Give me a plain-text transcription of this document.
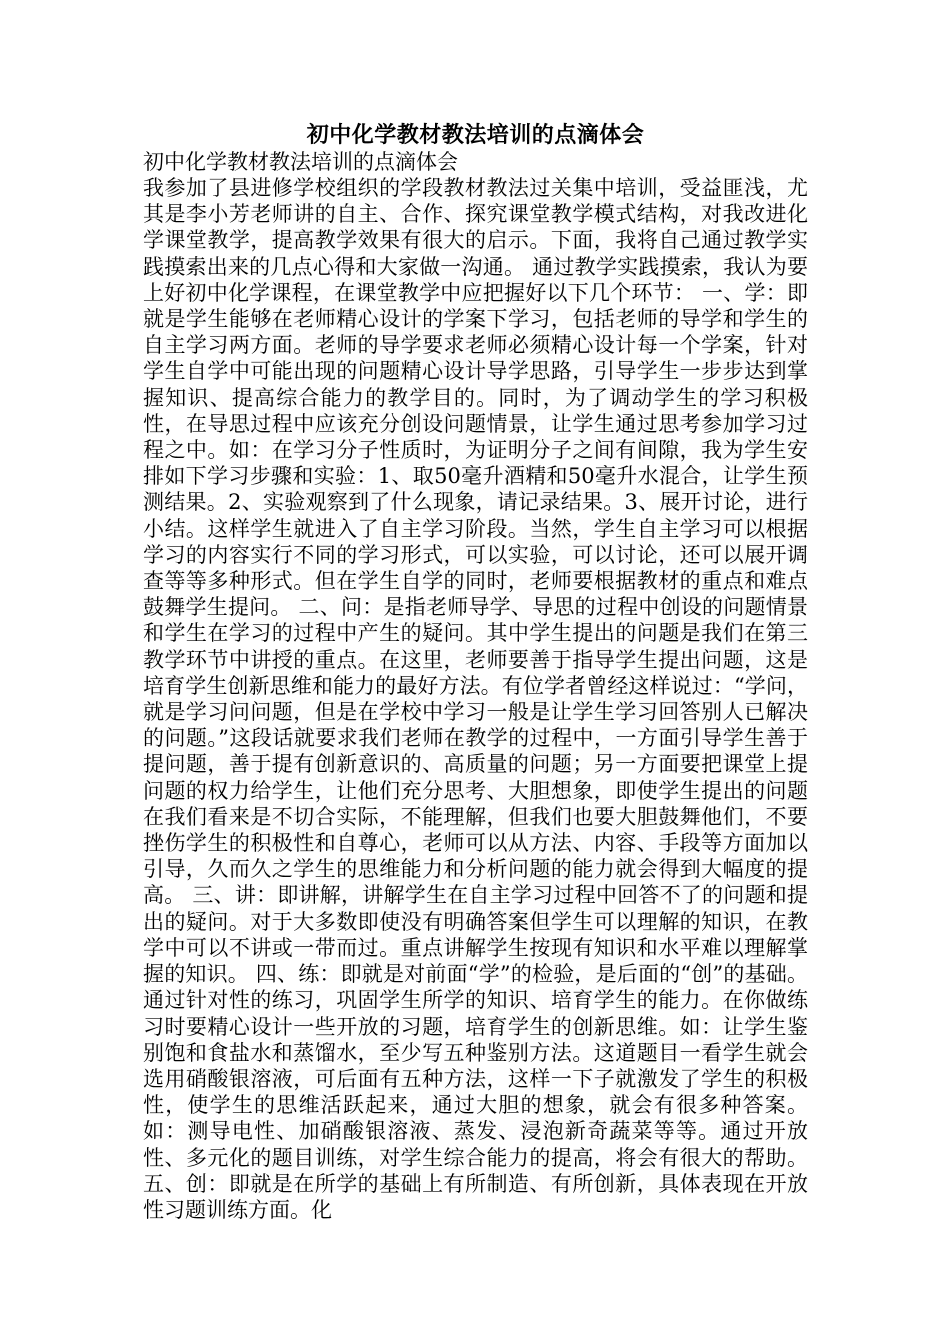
初中化学教材教法培训的点滴体会
初中化学教材教法培训的点滴体会

我参加了县进修学校组织的学段教材教法过关集中培训，受益匪浅，尤其是李小芳老师讲的自主、合作、探究课堂教学模式结构，对我改进化学课堂教学，提高教学效果有很大的启示。下面，我将自己通过教学实践摸索出来的几点心得和大家做一沟通。 通过教学实践摸索，我认为要上好初中化学课程，在课堂教学中应把握好以下几个环节： 一、学：即就是学生能够在老师精心设计的学案下学习，包括老师的导学和学生的自主学习两方面。老师的导学要求老师必须精心设计每一个学案，针对学生自学中可能出现的问题精心设计导学思路，引导学生一步步达到掌握知识、提高综合能力的教学目的。同时，为了调动学生的学习积极性，在导思过程中应该充分创设问题情景，让学生通过思考参加学习过程之中。如：在学习分子性质时，为证明分子之间有间隙，我为学生安排如下学习步骤和实验：1、取50毫升酒精和50毫升水混合，让学生预测结果。2、实验观察到了什么现象，请记录结果。3、展开讨论，进行小结。这样学生就进入了自主学习阶段。当然，学生自主学习可以根据学习的内容实行不同的学习形式，可以实验，可以讨论，还可以展开调查等等多种形式。但在学生自学的同时，老师要根据教材的重点和难点鼓舞学生提问。 二、问：是指老师导学、导思的过程中创设的问题情景和学生在学习的过程中产生的疑问。其中学生提出的问题是我们在第三教学环节中讲授的重点。在这里，老师要善于指导学生提出问题，这是培育学生创新思维和能力的最好方法。有位学者曾经这样说过：“学问，就是学习问问题，但是在学校中学习一般是让学生学习回答别人已解决的问题。”这段话就要求我们老师在教学的过程中，一方面引导学生善于提问题，善于提有创新意识的、高质量的问题；另一方面要把课堂上提问题的权力给学生，让他们充分思考、大胆想象，即使学生提出的问题在我们看来是不切合实际，不能理解，但我们也要大胆鼓舞他们，不要挫伤学生的积极性和自尊心，老师可以从方法、内容、手段等方面加以引导，久而久之学生的思维能力和分析问题的能力就会得到大幅度的提高。 三、讲：即讲解，讲解学生在自主学习过程中回答不了的问题和提出的疑问。对于大多数即使没有明确答案但学生可以理解的知识，在教学中可以不讲或一带而过。重点讲解学生按现有知识和水平难以理解掌握的知识。 四、练：即就是对前面“学”的检验，是后面的“创”的基础。通过针对性的练习，巩固学生所学的知识、培育学生的能力。在你做练习时要精心设计一些开放的习题，培育学生的创新思维。如：让学生鉴别饱和食盐水和蒸馏水，至少写五种鉴别方法。这道题目一看学生就会选用硝酸银溶液，可后面有五种方法，这样一下子就激发了学生的积极性，使学生的思维活跃起来，通过大胆的想象，就会有很多种答案。如：测导电性、加硝酸银溶液、蒸发、浸泡新奇蔬菜等等。通过开放性、多元化的题目训练，对学生综合能力的提高，将会有很大的帮助。 五、创：即就是在所学的基础上有所制造、有所创新，具体表现在开放性习题训练方面。化
